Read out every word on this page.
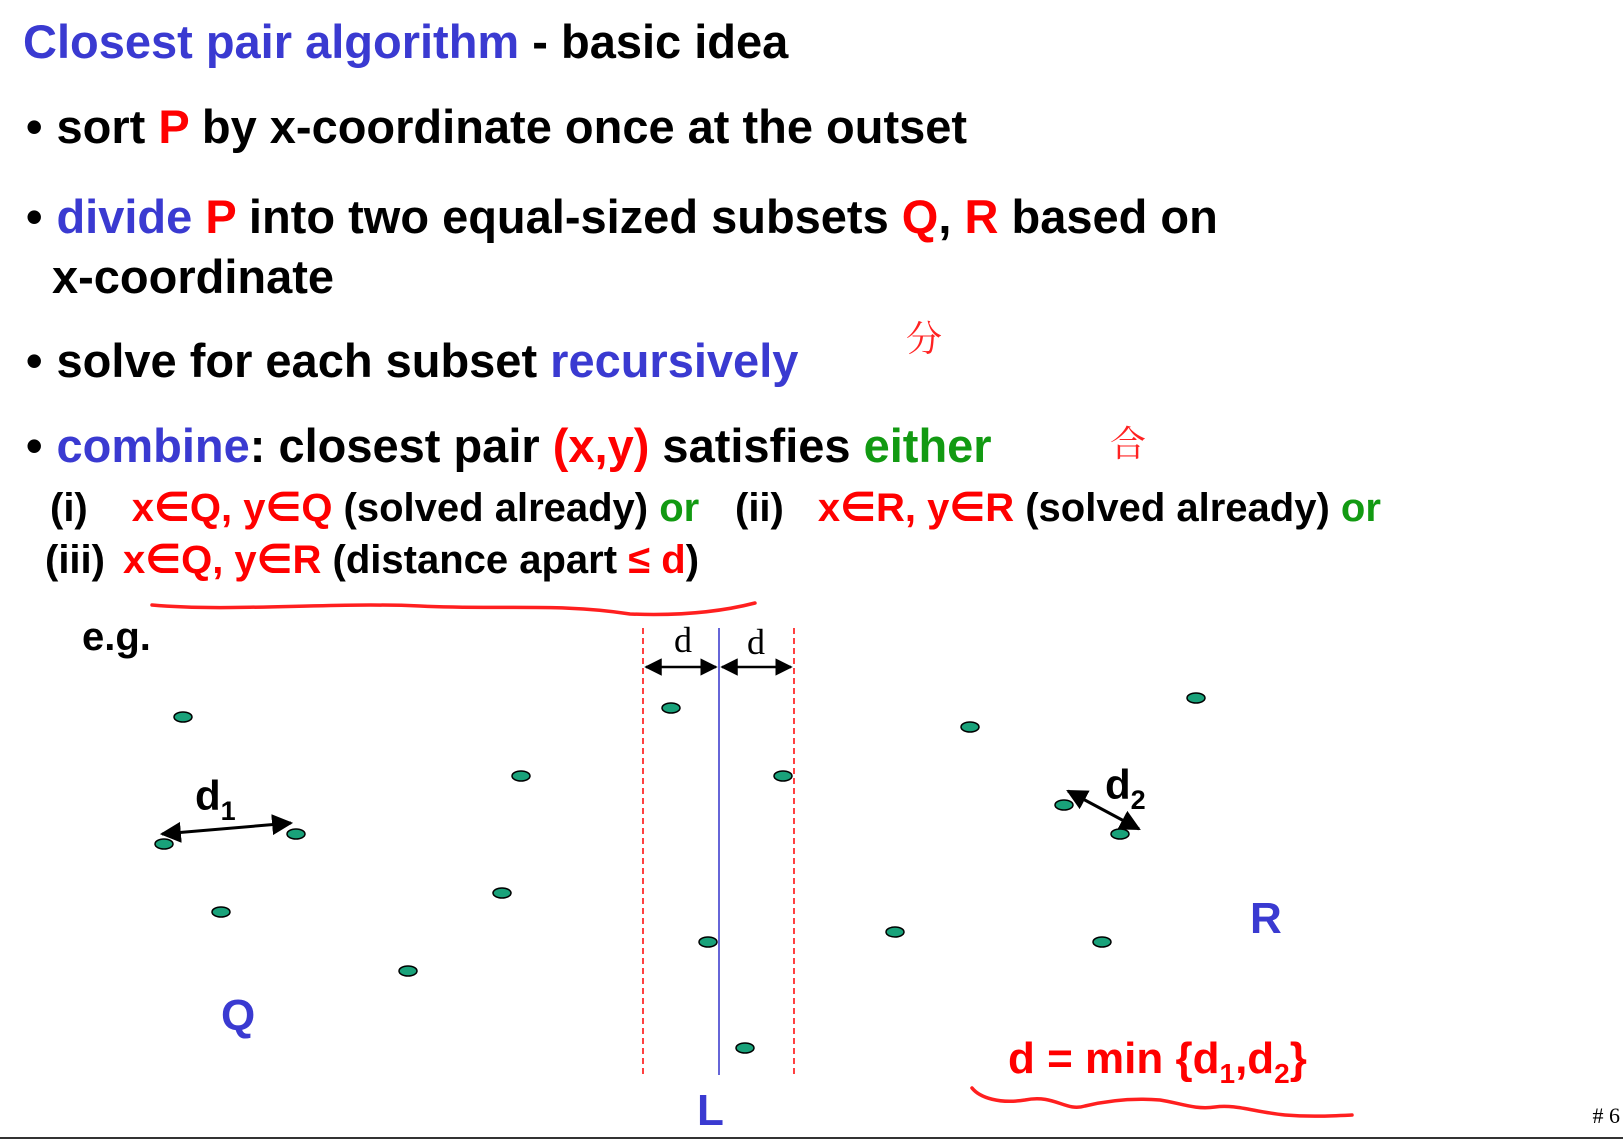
Closest pair algorithm - basic idea
• sort P by x-coordinate once at the outset
• divide P into two equal-sized subsets Q, R based on
x-coordinate
• solve for each subset recursively	分
• combine: closest pair (x,y) satisfies either	合
(i) x∈Q, y∈Q (solved already) or (ii) x∈R, y∈R (solved already) or
(iii) x∈Q, y∈R (distance apart ≤ d)
e.g.	d d
$d_1$
$d_2$
Q
R
L
$d = \min \{d_1,d_2\}$
# 6
